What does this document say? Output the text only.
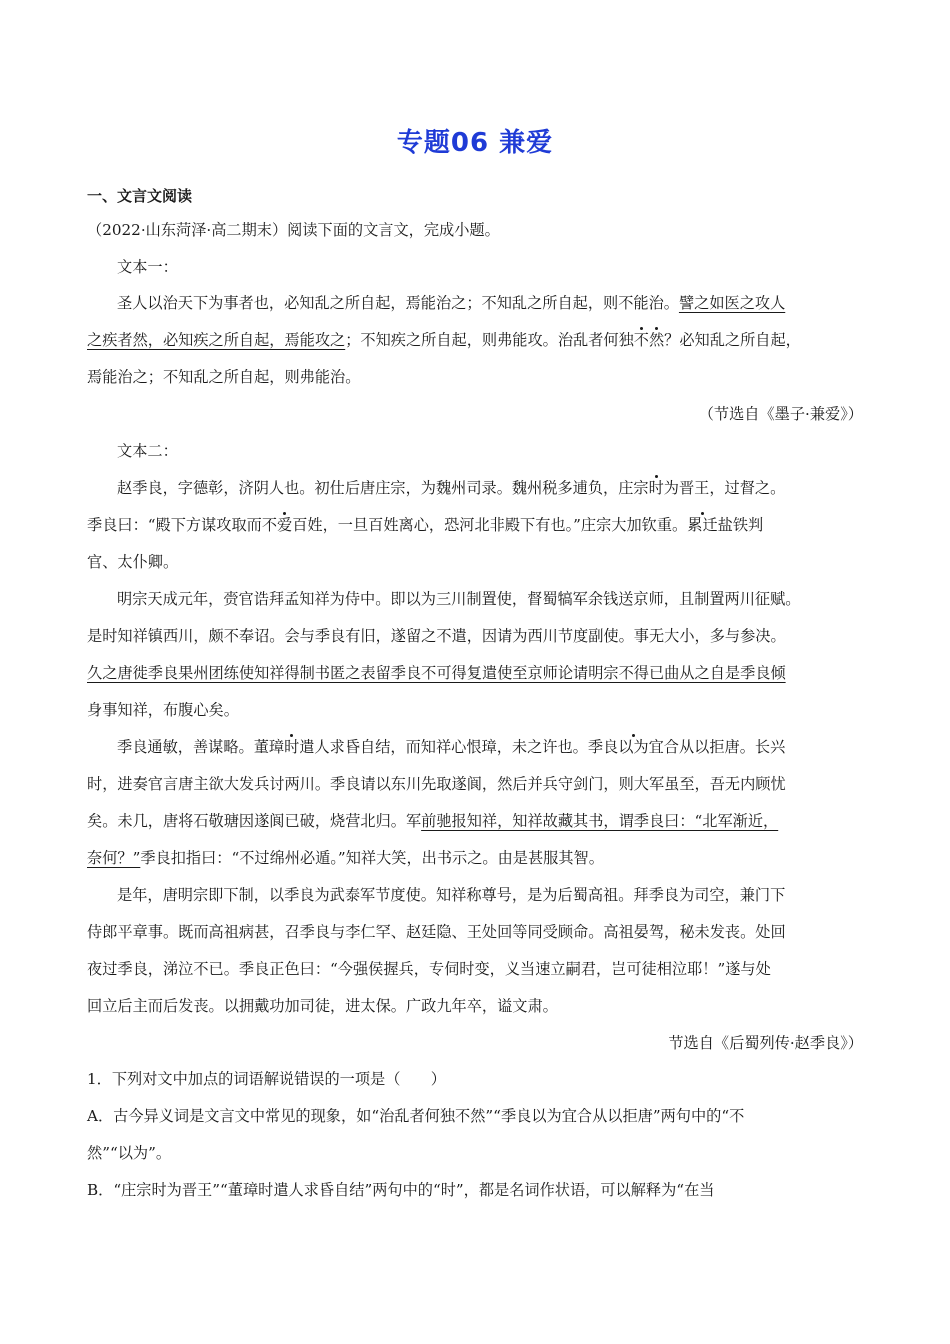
专题06 兼爱
一、文言文阅读
（2022·山东菏泽·高二期末）阅读下面的文言文，完成小题。
文本一：
圣人以治天下为事者也，必知乱之所自起，焉能治之；不知乱之所自起，则不能治。譬之如医之攻人
之疾者然，必知疾之所自起，焉能攻之；不知疾之所自起，则弗能攻。治乱者何独不然？必知乱之所自起，
焉能治之；不知乱之所自起，则弗能治。
（节选自《墨子·兼爱》）
文本二：
赵季良，字德彰，济阴人也。初仕后唐庄宗，为魏州司录。魏州税多逋负，庄宗时为晋王，过督之。
季良曰：“殿下方谋攻取而不爱百姓，一旦百姓离心，恐河北非殿下有也。”庄宗大加钦重。累迁盐铁判
官、太仆卿。
明宗天成元年，赍官诰拜孟知祥为侍中。即以为三川制置使，督蜀犒军余钱送京师，且制置两川征赋。
是时知祥镇西川，颇不奉诏。会与季良有旧，遂留之不遣，因请为西川节度副使。事无大小，多与参决。
久之唐徙季良果州团练使知祥得制书匿之表留季良不可得复遣使至京师论请明宗不得已曲从之自是季良倾
身事知祥，布腹心矣。
季良通敏，善谋略。董璋时遣人求昏自结，而知祥心恨璋，未之许也。季良以为宜合从以拒唐。长兴
时，进奏官言唐主欲大发兵讨两川。季良请以东川先取遂阆，然后并兵守剑门，则大军虽至，吾无内顾忧
矣。未几，唐将石敬瑭因遂阆已破，烧营北归。军前驰报知祥，知祥故藏其书，谓季良曰：“北军渐近，
奈何？”季良扣指曰：“不过绵州必遁。”知祥大笑，出书示之。由是甚服其智。
是年，唐明宗即下制，以季良为武泰军节度使。知祥称尊号，是为后蜀高祖。拜季良为司空，兼门下
侍郎平章事。既而高祖病甚，召季良与李仁罕、赵廷隐、王处回等同受顾命。高祖晏驾，秘未发丧。处回
夜过季良，涕泣不已。季良正色曰：“今强侯握兵，专伺时变，义当速立嗣君，岂可徒相泣耶！”遂与处
回立后主而后发丧。以拥戴功加司徒，进太保。广政九年卒，谥文肃。
节选自《后蜀列传·赵季良》）
1．下列对文中加点的词语解说错误的一项是（　　）
A．古今异义词是文言文中常见的现象，如“治乱者何独不然”“季良以为宜合从以拒唐”两句中的“不
然”“以为”。
B．“庄宗时为晋王”“董璋时遣人求昏自结”两句中的“时”，都是名词作状语，可以解释为“在当
